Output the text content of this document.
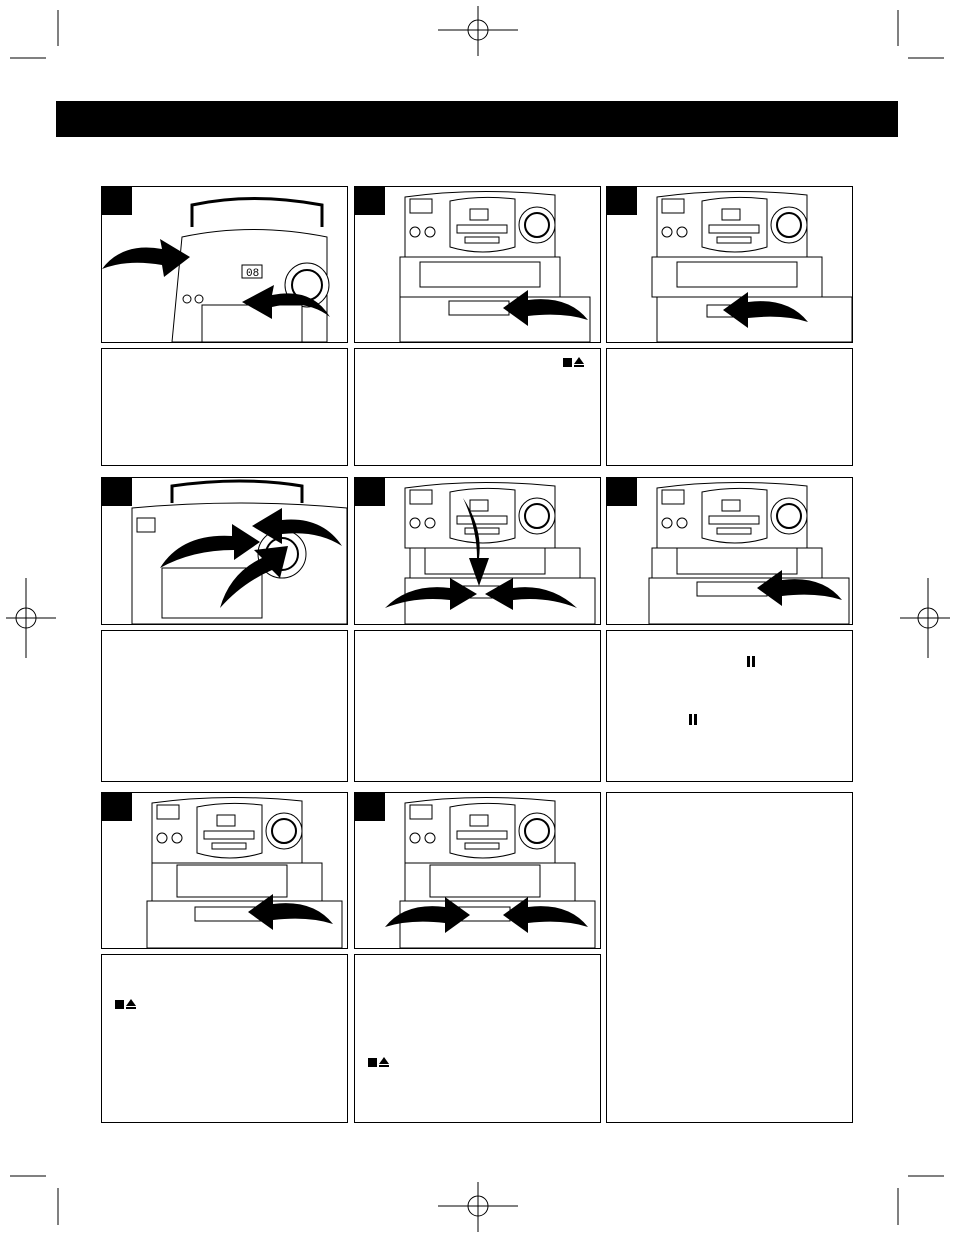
08
